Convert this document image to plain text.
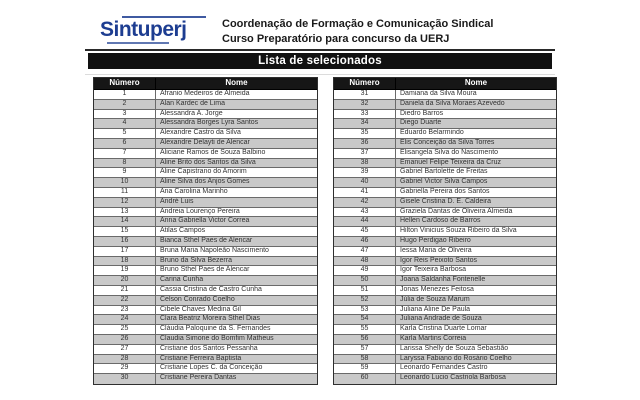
Sintuperj	Coordenação de Formação e Comunicação Sindical
Curso Preparatório para concurso da UERJ
Lista de selecionados
Número	Nome
1	Afranio Medeiros de Almeida
2	Alan Kardec de Lima
3	Alessandra A. Jorge
4	Alessandra Borges Lyra Santos
5	Alexandre Castro da Silva
6	Alexandre Delayti de Alencar
7	Aliciane Ramos de Souza Balbino
8	Aline Brito dos Santos da Silva
9	Aline Capistrano do Amorim
10	Aline Silva dos Anjos Gomes
11	Ana Carolina Marinho
12	André Luis
13	Andreia Lourenço Pereira
14	Anna Gabriella Victor Correa
15	Atilas Campos
16	Bianca Sthel Paes de Alencar
17	Bruna Maria Napoleão Nascimento
18	Bruno da Silva Bezerra
19	Bruno Sthel Paes de Alencar
20	Carina Cunha
21	Cassia Cristina de Castro Cunha
22	Celson Conrado Coelho
23	Cibele Chaves Medina Gil
24	Clara Beatriz Moreira Sthel Dias
25	Cláudia Paloquine da S. Fernandes
26	Claudia Simone do Bomfim Matheus
27	Cristiane dos Santos Pessanha
28	Cristiane Ferreira Baptista
29	Cristiane Lopes C. da Conceição
30	Cristiane Pereira Dantas
Número	Nome
31	Damiana da Silva Moura
32	Daniela da Silva Moraes Azevedo
33	Diedro Barros
34	Diego Duarte
35	Eduardo Belarmindo
36	Elis Conceição da Silva Torres
37	Elisangela Silva do Nascimento
38	Emanuel Felipe Teixeira da Cruz
39	Gabriel Bartolette de Freitas
40	Gabriel Victor Silva Campos
41	Gabriella Pereira dos Santos
42	Gisele Cristina D. E. Caldeira
43	Graziela Dantas de Oliveira Almeida
44	Hellen Cardoso de Barros
45	Hilton Vinicius Souza Ribeiro da Silva
46	Hugo Perdigao Ribeiro
47	Iessa Maria de Oliveira
48	Igor Reis Peixoto Santos
49	Igor Teixeira Barbosa
50	Joana Saldanha Fontenelle
51	Jonas Menezes Feitosa
52	Júlia de Souza Marum
53	Juliana Aline De Paula
54	Juliana Andrade de Souza
55	Karla Cristina Duarte Lomar
56	Karla Martins Correia
57	Larissa Shelly de Souza Sebastião
58	Laryssa Fabiano do Rosário Coelho
59	Leonardo Fernandes Castro
60	Leonardo Lucio Castriola Barbosa
